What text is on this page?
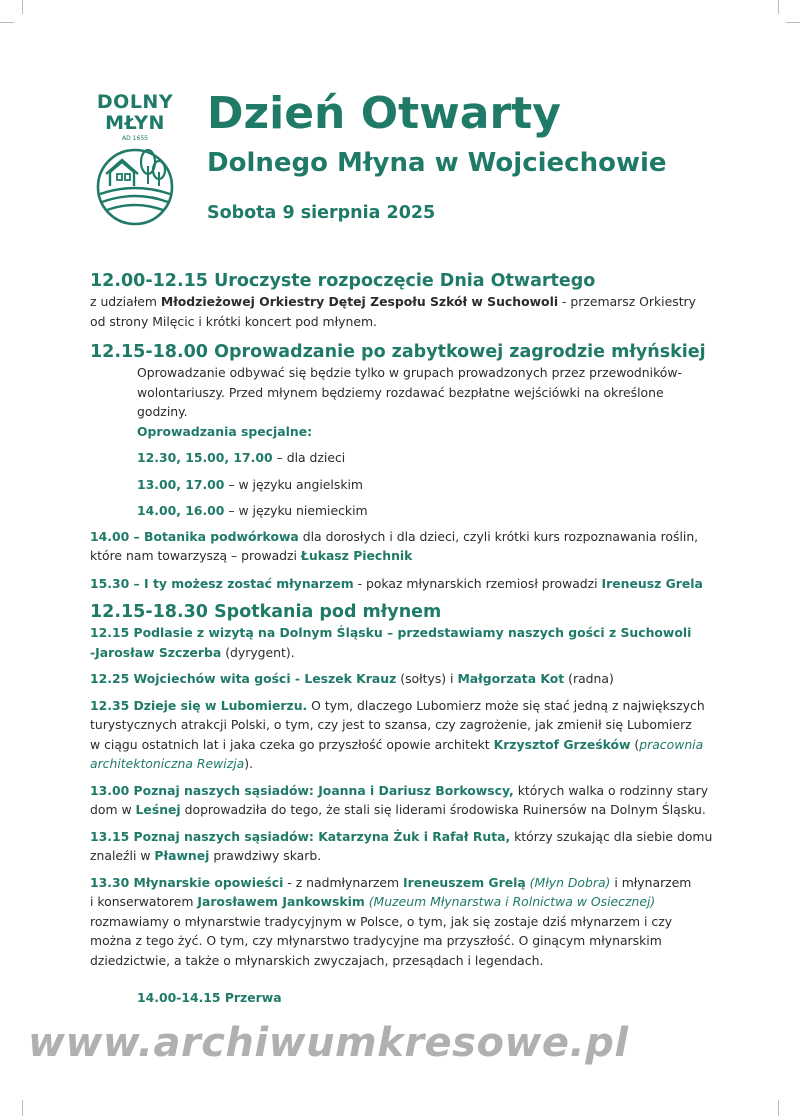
DOLNY
MŁYN
AD 1655	Dzień Otwarty
Dolnego Młyna w Wojciechowie
Sobota 9 sierpnia 2025
12.00-12.15 Uroczyste rozpoczęcie Dnia Otwartego

z udziałem Młodzieżowej Orkiestry Dętej Zespołu Szkół w Suchowoli - przemarsz Orkiestry
od strony Milęcic i krótki koncert pod młynem.

12.15-18.00 Oprowadzanie po zabytkowej zagrodzie młyńskiej
Oprowadzanie odbywać się będzie tylko w grupach prowadzonych przez przewodników-
wolontariuszy. Przed młynem będziemy rozdawać bezpłatne wejściówki na określone
godziny.
Oprowadzania specjalne:
12.30, 15.00, 17.00 – dla dzieci
13.00, 17.00 – w języku angielskim
14.00, 16.00 – w języku niemieckim

14.00 – Botanika podwórkowa dla dorosłych i dla dzieci, czyli krótki kurs rozpoznawania roślin,
które nam towarzyszą – prowadzi Łukasz Piechnik

15.30 – I ty możesz zostać młynarzem - pokaz młynarskich rzemiosł prowadzi Ireneusz Grela

12.15-18.30 Spotkania pod młynem

12.15 Podlasie z wizytą na Dolnym Śląsku – przedstawiamy naszych gości z Suchowoli
-Jarosław Szczerba (dyrygent).

12.25 Wojciechów wita gości - Leszek Krauz (sołtys) i Małgorzata Kot (radna)

12.35 Dzieje się w Lubomierzu. O tym, dlaczego Lubomierz może się stać jedną z największych
turystycznych atrakcji Polski, o tym, czy jest to szansa, czy zagrożenie, jak zmienił się Lubomierz
w ciągu ostatnich lat i jaka czeka go przyszłość opowie architekt Krzysztof Grześków (pracownia
architektoniczna Rewizja).

13.00 Poznaj naszych sąsiadów: Joanna i Dariusz Borkowscy, których walka o rodzinny stary
dom w Leśnej doprowadziła do tego, że stali się liderami środowiska Ruinersów na Dolnym Śląsku.

13.15 Poznaj naszych sąsiadów: Katarzyna Żuk i Rafał Ruta, którzy szukając dla siebie domu
znaleźli w Pławnej prawdziwy skarb.

13.30 Młynarskie opowieści - z nadmłynarzem Ireneuszem Grelą (Młyn Dobra) i młynarzem
i konserwatorem Jarosławem Jankowskim (Muzeum Młynarstwa i Rolnictwa w Osiecznej)
rozmawiamy o młynarstwie tradycyjnym w Polsce, o tym, jak się zostaje dziś młynarzem i czy
można z tego żyć. O tym, czy młynarstwo tradycyjne ma przyszłość. O ginącym młynarskim
dziedzictwie, a także o młynarskich zwyczajach, przesądach i legendach.

14.00-14.15 Przerwa
www.archiwumkresowe.pl
